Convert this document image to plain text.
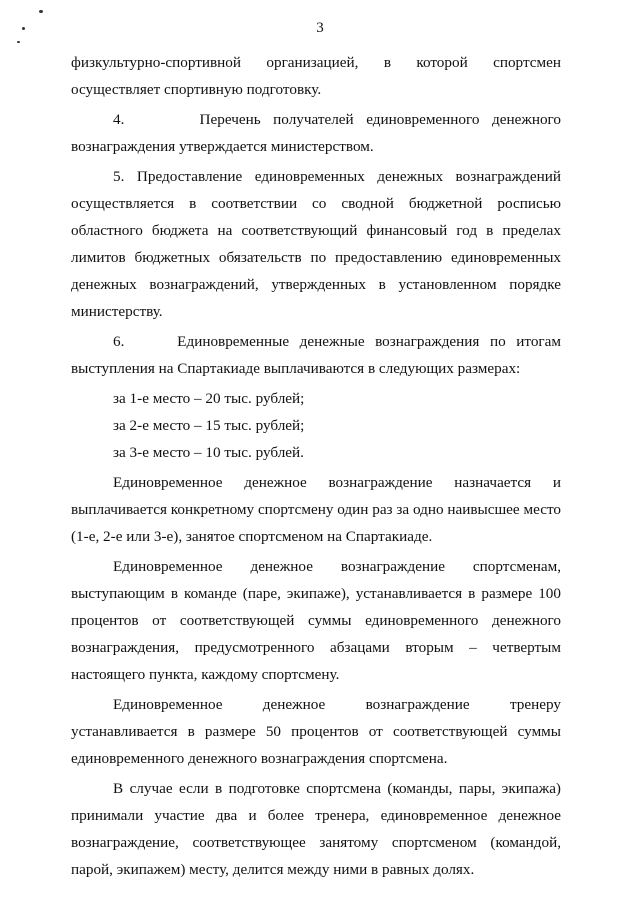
3

физкультурно-спортивной организацией, в которой спортсмен осуществляет спортивную подготовку.

4.      Перечень получателей единовременного денежного вознаграждения утверждается министерством.

5. Предоставление единовременных денежных вознаграждений осуществляется в соответствии со сводной бюджетной росписью областного бюджета на соответствующий финансовый год в пределах лимитов бюджетных обязательств по предоставлению единовременных денежных вознаграждений, утвержденных в установленном порядке министерству.

6.     Единовременные денежные вознаграждения по итогам выступления на Спартакиаде выплачиваются в следующих размерах:

за 1-е место – 20 тыс. рублей;

за 2-е место – 15 тыс. рублей;

за 3-е место – 10 тыс. рублей.

Единовременное денежное вознаграждение назначается и выплачивается конкретному спортсмену один раз за одно наивысшее место (1-е, 2-е или 3-е), занятое спортсменом на Спартакиаде.

Единовременное денежное вознаграждение спортсменам, выступающим в команде (паре, экипаже), устанавливается в размере 100 процентов от соответствующей суммы единовременного денежного вознаграждения, предусмотренного абзацами вторым – четвертым настоящего пункта, каждому спортсмену.

Единовременное денежное вознаграждение тренеру устанавливается в размере 50 процентов от соответствующей суммы единовременного денежного вознаграждения спортсмена.

В случае если в подготовке спортсмена (команды, пары, экипажа) принимали участие два и более тренера, единовременное денежное вознаграждение, соответствующее занятому спортсменом (командой, парой, экипажем) месту, делится между ними в равных долях.
